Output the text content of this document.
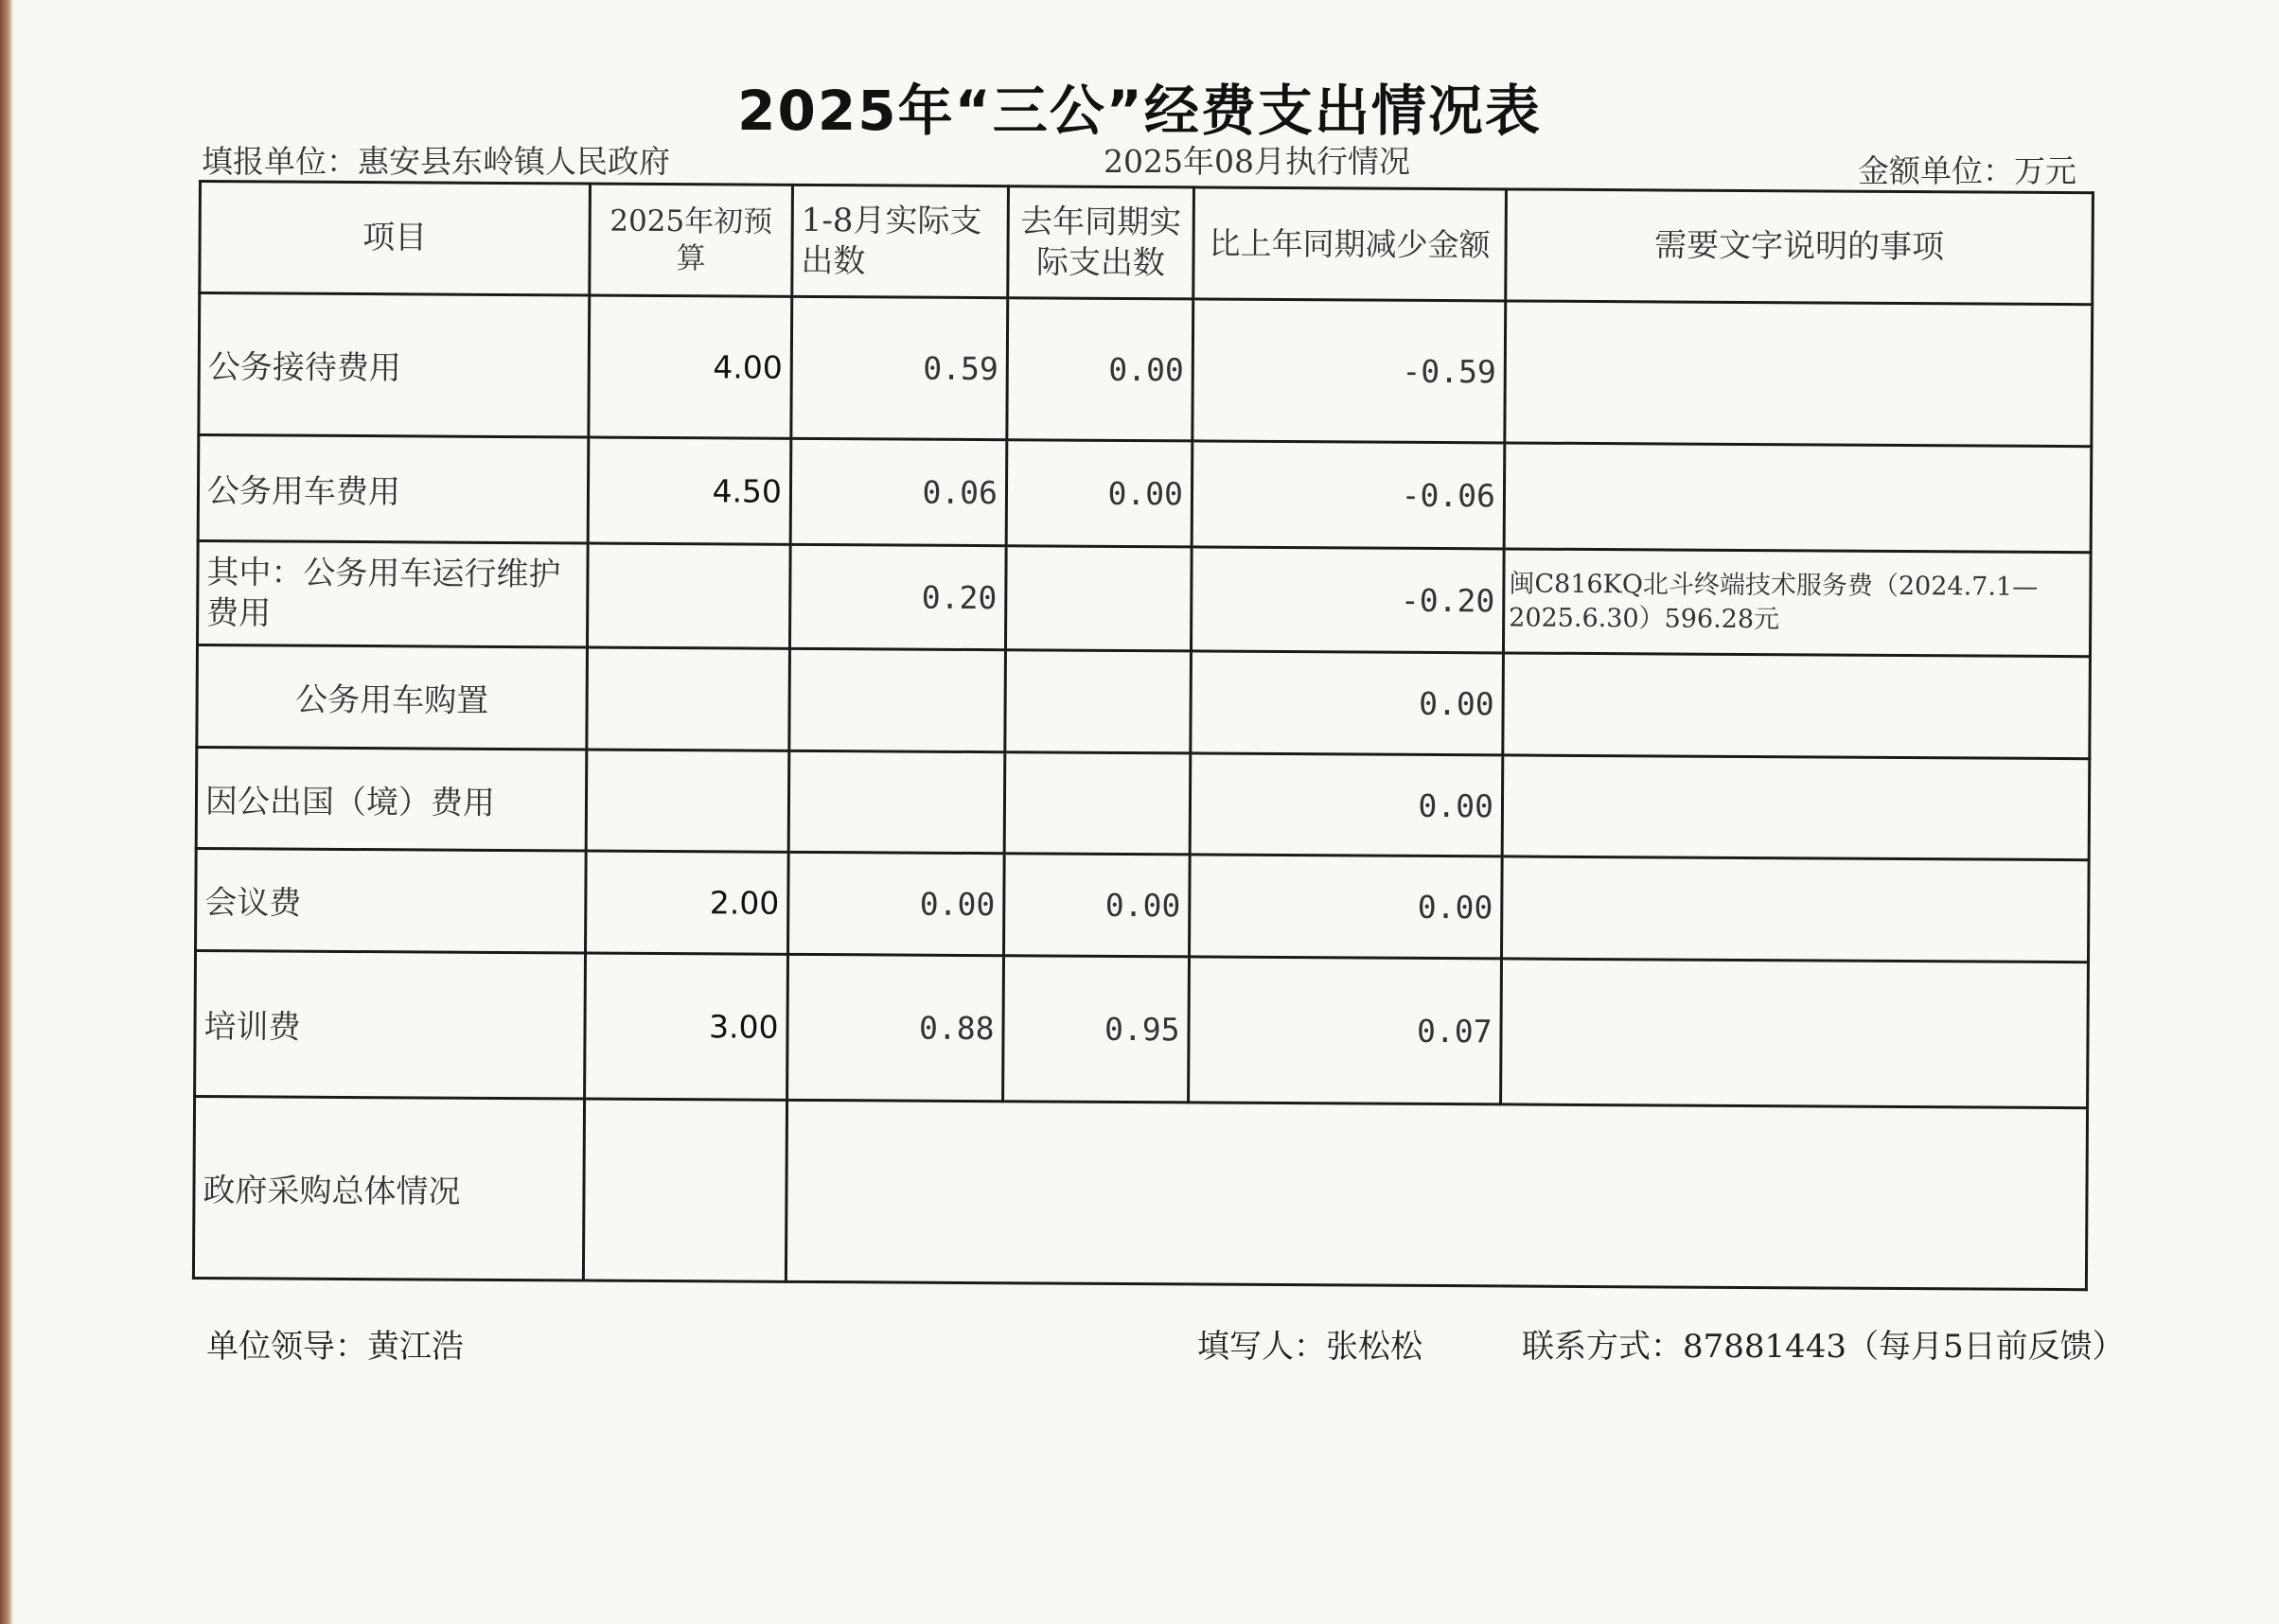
2025年“三公”经费支出情况表
填报单位：惠安县东岭镇人民政府	2025年08月执行情况	金额单位：万元
项目	2025年初预算	1-8月实际支出数	去年同期实际支出数	比上年同期减少金额	需要文字说明的事项
公务接待费用	4.00	0.59	0.00	-0.59	
公务用车费用	4.50	0.06	0.00	-0.06	
其中：公务用车运行维护费用		0.20		-0.20	闽C816KQ北斗终端技术服务费（2024.7.1—2025.6.30）596.28元
公务用车购置				0.00	
因公出国（境）费用				0.00	
会议费	2.00	0.00	0.00	0.00	
培训费	3.00	0.88	0.95	0.07	
政府采购总体情况					
单位领导：黄江浩	填写人：张松松	联系方式：87881443（每月5日前反馈）
